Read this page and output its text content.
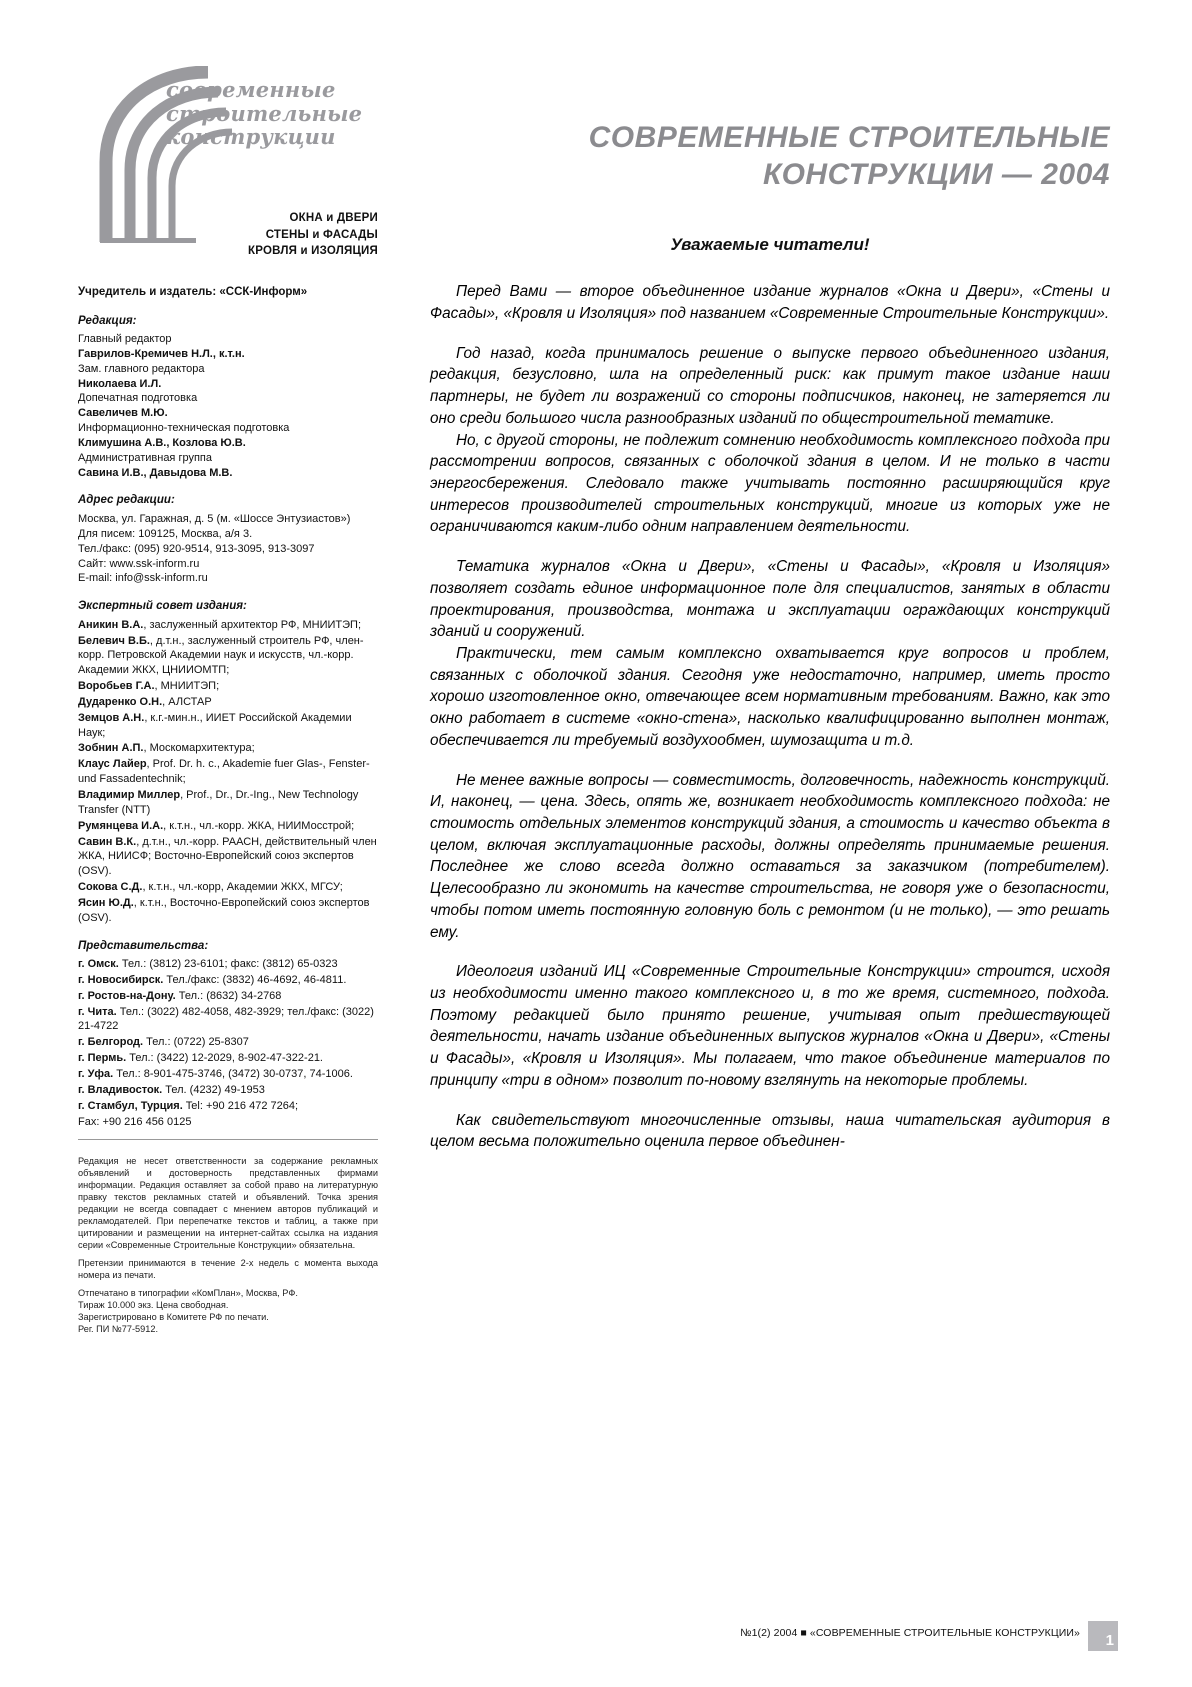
современные
строительные
конструкции
ОКНА и ДВЕРИ
СТЕНЫ и ФАСАДЫ
КРОВЛЯ и ИЗОЛЯЦИЯ
Учредитель и издатель: «ССК-Информ»
Редакция:

Главный редактор

Гаврилов-Кремичев Н.Л., к.т.н.

Зам. главного редактора

Николаева И.Л.

Допечатная подготовка

Савеличев М.Ю.

Информационно-техническая подготовка

Климушина А.В., Козлова Ю.В.

Административная группа

Савина И.В., Давыдова М.В.

Адрес редакции:

Москва, ул. Гаражная, д. 5 (м. «Шоссе Энтузиастов»)

Для писем: 109125, Москва, а/я 3.

Тел./факс: (095) 920-9514, 913-3095, 913-3097

Сайт: www.ssk-inform.ru

E-mail: info@ssk-inform.ru

Экспертный совет издания:

Аникин В.А., заслуженный архитектор РФ, МНИИТЭП;

Белевич В.Б., д.т.н., заслуженный строитель РФ, член-корр. Петровской Академии наук и искусств, чл.-корр. Академии ЖКХ, ЦНИИОМТП;

Воробьев Г.А., МНИИТЭП;

Дударенко О.Н., АЛСТАР

Земцов А.Н., к.г.-мин.н., ИИЕТ Российской Академии Наук;

Зобнин А.П., Москомархитектура;

Клаус Лайер, Prof. Dr. h. c., Akademie fuer Glas-, Fenster- und Fassadentechnik;

Владимир Миллер, Prof., Dr., Dr.-Ing., New Technology Transfer (NTT)

Румянцева И.А., к.т.н., чл.-корр. ЖКА, НИИМосстрой;

Савин В.К., д.т.н., чл.-корр. РААСН, действительный член ЖКА, НИИСФ; Восточно-Европейский союз экспертов (OSV).

Сокова С.Д., к.т.н., чл.-корр, Академии ЖКХ, МГСУ;

Ясин Ю.Д., к.т.н., Восточно-Европейский союз экспертов (OSV).

Представительства:

г. Омск. Тел.: (3812) 23-6101; факс: (3812) 65-0323

г. Новосибирск. Тел./факс: (3832) 46-4692, 46-4811.

г. Ростов-на-Дону. Тел.: (8632) 34-2768

г. Чита. Тел.: (3022) 482-4058, 482-3929; тел./факс: (3022) 21-4722

г. Белгород. Тел.: (0722) 25-8307

г. Пермь. Тел.: (3422) 12-2029, 8-902-47-322-21.

г. Уфа. Тел.: 8-901-475-3746, (3472) 30-0737, 74-1006.

г. Владивосток. Тел. (4232) 49-1953

г. Стамбул, Турция. Tel: +90 216 472 7264;

Fax: +90 216 456 0125

Редакция не несет ответственности за содержание рекламных объявлений и достоверность представленных фирмами информации. Редакция оставляет за собой право на литературную правку текстов рекламных статей и объявлений. Точка зрения редакции не всегда совпадает с мнением авторов публикаций и рекламодателей. При перепечатке текстов и таблиц, а также при цитировании и размещении на интернет-сайтах ссылка на издания серии «Современные Строительные Конструкции» обязательна.

Претензии принимаются в течение 2-х недель с момента выхода номера из печати.

Отпечатано в типографии «КомПлан», Москва, РФ.

Тираж 10.000 экз. Цена свободная.

Зарегистрировано в Комитете РФ по печати.

Рег. ПИ №77-5912.

СОВРЕМЕННЫЕ СТРОИТЕЛЬНЫЕ
КОНСТРУКЦИИ — 2004
Уважаемые читатели!

Перед Вами — второе объединенное издание журналов «Окна и Двери», «Стены и Фасады», «Кровля и Изоляция» под названием «Современные Строительные Конструкции».

Год назад, когда принималось решение о выпуске первого объединенного издания, редакция, безусловно, шла на определенный риск: как примут такое издание наши партнеры, не будет ли возражений со стороны подписчиков, наконец, не затеряется ли оно среди большого числа разнообразных изданий по общестроительной тематике.

Но, с другой стороны, не подлежит сомнению необходимость комплексного подхода при рассмотрении вопросов, связанных с оболочкой здания в целом. И не только в части энергосбережения. Следовало также учитывать постоянно расширяющийся круг интересов производителей строительных конструкций, многие из которых уже не ограничиваются каким-либо одним направлением деятельности.

Тематика журналов «Окна и Двери», «Стены и Фасады», «Кровля и Изоляция» позволяет создать единое информационное поле для специалистов, занятых в области проектирования, производства, монтажа и эксплуатации ограждающих конструкций зданий и сооружений.

Практически, тем самым комплексно охватывается круг вопросов и проблем, связанных с оболочкой здания. Сегодня уже недостаточно, например, иметь просто хорошо изготовленное окно, отвечающее всем нормативным требованиям. Важно, как это окно работает в системе «окно-стена», насколько квалифицированно выполнен монтаж, обеспечивается ли требуемый воздухообмен, шумозащита и т.д.

Не менее важные вопросы — совместимость, долговечность, надежность конструкций. И, наконец, — цена. Здесь, опять же, возникает необходимость комплексного подхода: не стоимость отдельных элементов конструкций здания, а стоимость и качество объекта в целом, включая эксплуатационные расходы, должны определять принимаемые решения. Последнее же слово всегда должно оставаться за заказчиком (потребителем). Целесообразно ли экономить на качестве строительства, не говоря уже о безопасности, чтобы потом иметь постоянную головную боль с ремонтом (и не только), — это решать ему.

Идеология изданий ИЦ «Современные Строительные Конструкции» строится, исходя из необходимости именно такого комплексного и, в то же время, системного, подхода. Поэтому редакцией было принято решение, учитывая опыт предшествующей деятельности, начать издание объединенных выпусков журналов «Окна и Двери», «Стены и Фасады», «Кровля и Изоляция». Мы полагаем, что такое объединение материалов по принципу «три в одном» позволит по-новому взглянуть на некоторые проблемы.

Как свидетельствуют многочисленные отзывы, наша читательская аудитория в целом весьма положительно оценила первое объединен-

№1(2) 2004 ■ «СОВРЕМЕННЫЕ СТРОИТЕЛЬНЫЕ КОНСТРУКЦИИ»	1
